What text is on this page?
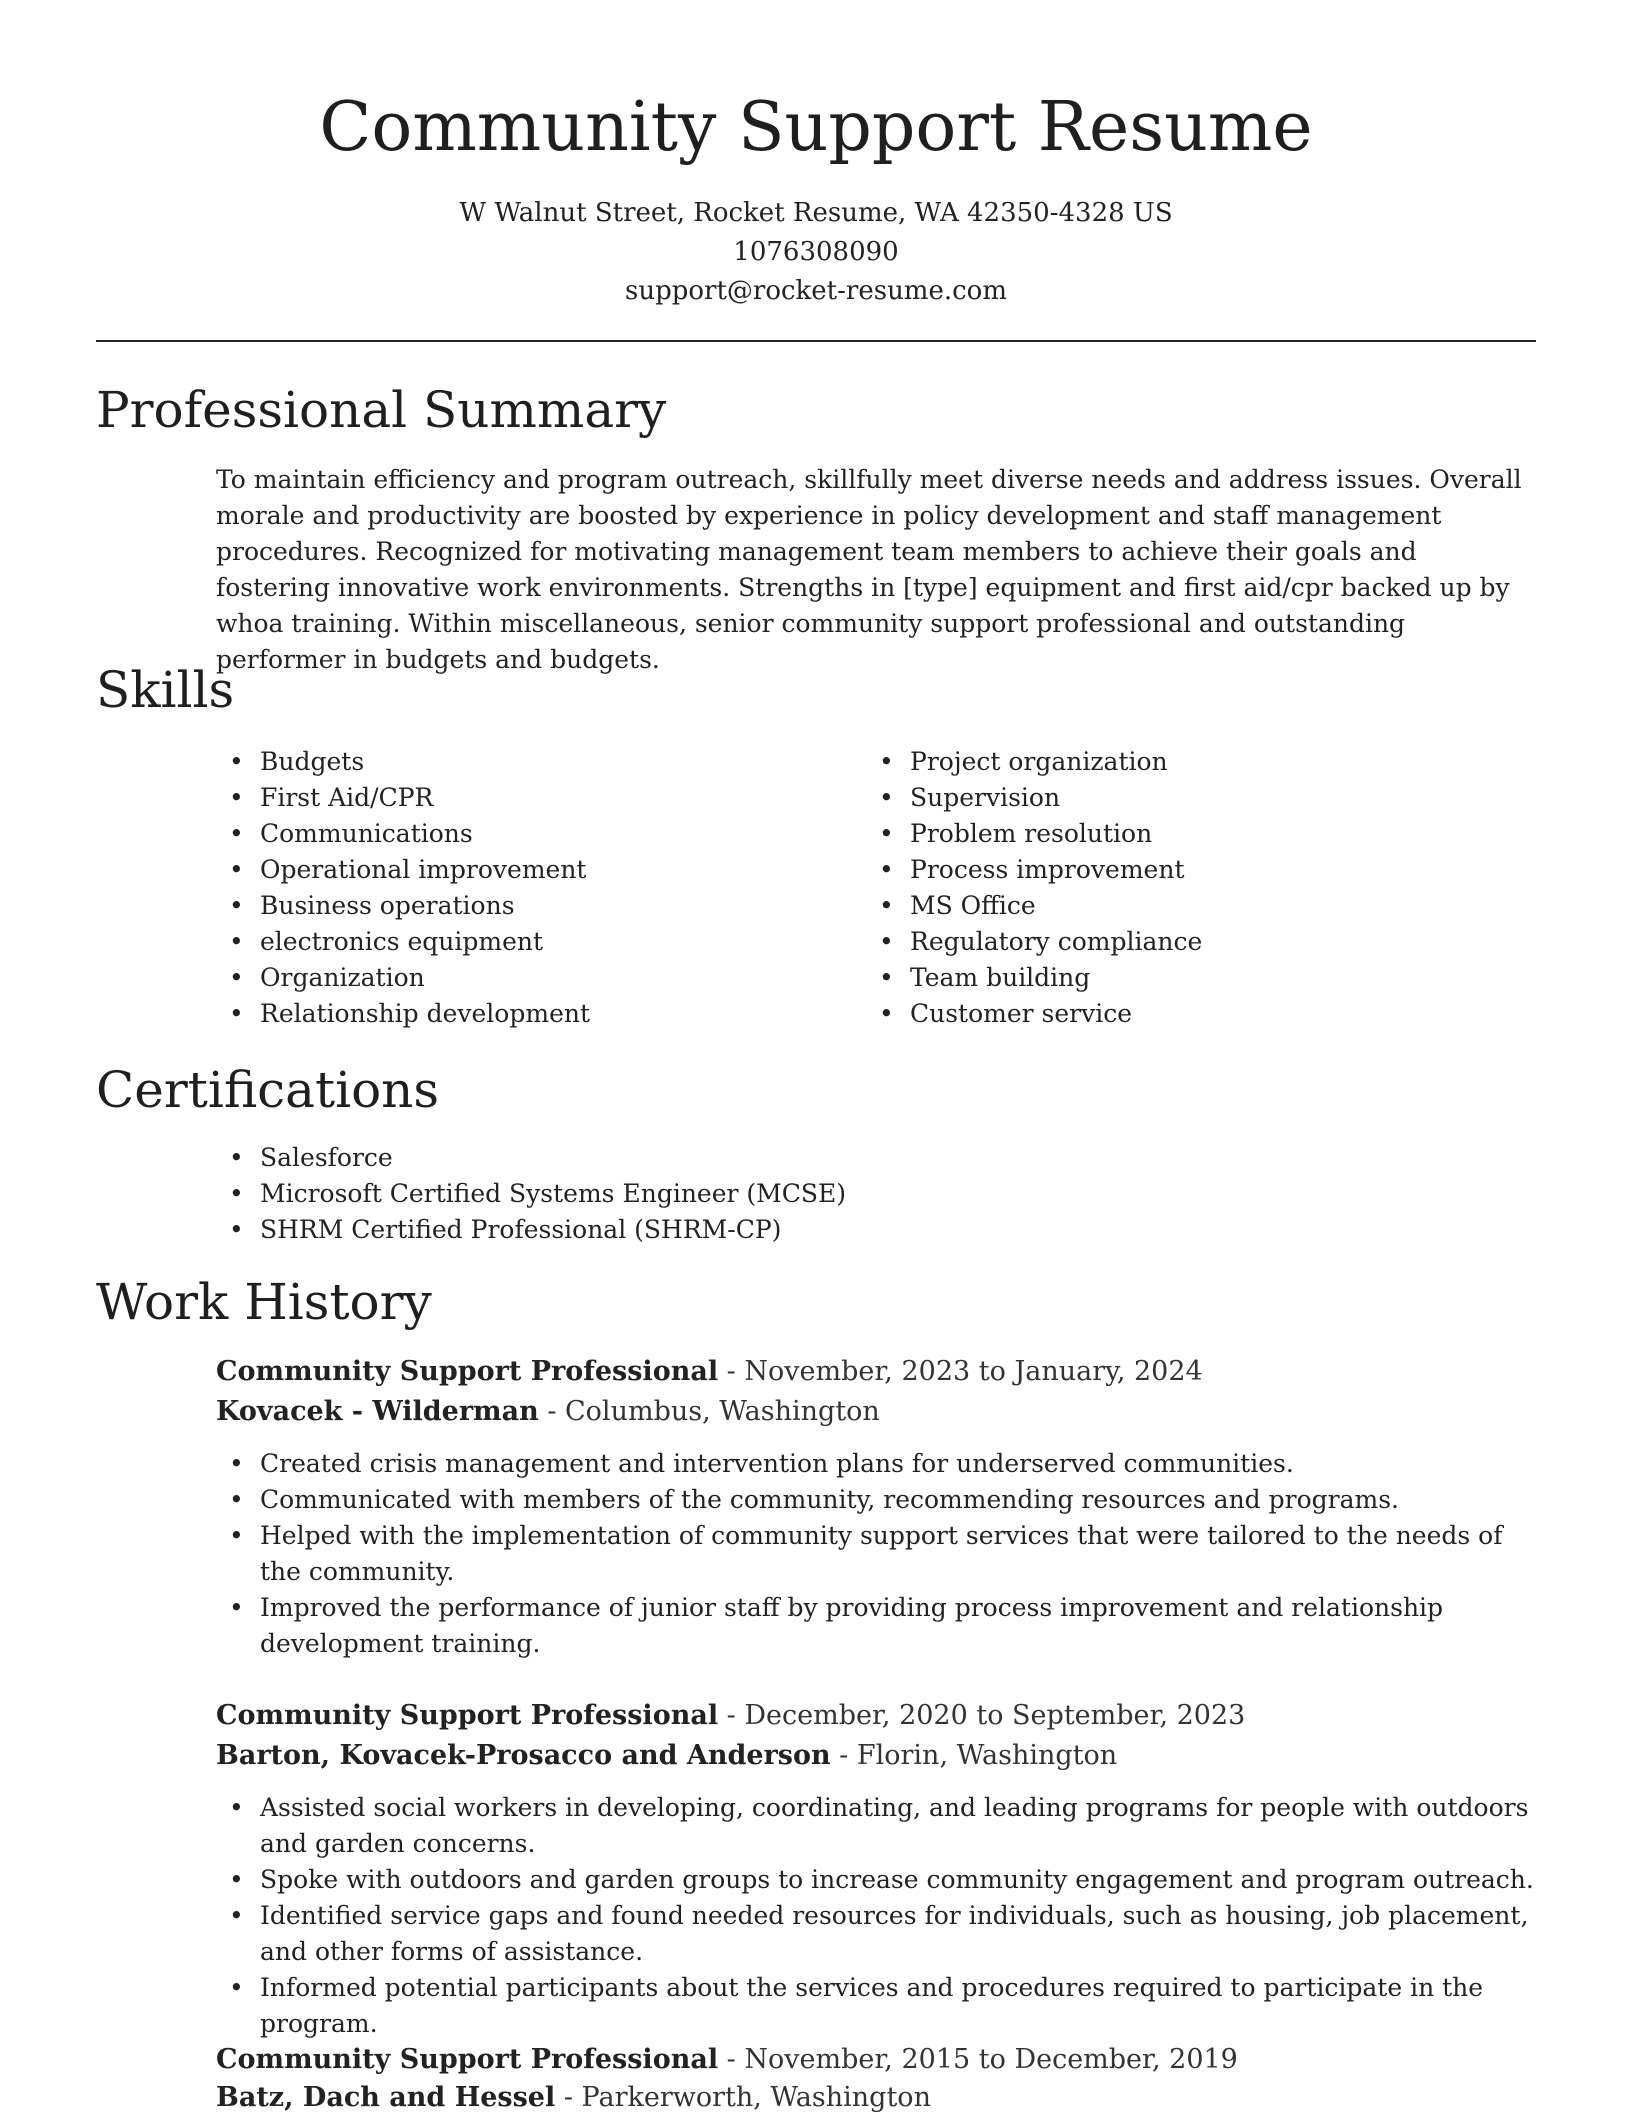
Community Support Resume

W Walnut Street, Rocket Resume, WA 42350-4328 US

1076308090

support@rocket-resume.com

Professional Summary

To maintain efficiency and program outreach, skillfully meet diverse needs and address issues. Overall morale and productivity are boosted by experience in policy development and staff management procedures. Recognized for motivating management team members to achieve their goals and fostering innovative work environments. Strengths in [type] equipment and first aid/cpr backed up by whoa training. Within miscellaneous, senior community support professional and outstanding performer in budgets and budgets.

Skills
• Budgets
• First Aid/CPR
• Communications
• Operational improvement
• Business operations
• electronics equipment
• Organization
• Relationship development
• Project organization
• Supervision
• Problem resolution
• Process improvement
• MS Office
• Regulatory compliance
• Team building
• Customer service
Certifications
• Salesforce
• Microsoft Certified Systems Engineer (MCSE)
• SHRM Certified Professional (SHRM-CP)
Work History
Community Support Professional - November, 2023 to January, 2024
Kovacek - Wilderman - Columbus, Washington
• Created crisis management and intervention plans for underserved communities.
• Communicated with members of the community, recommending resources and programs.
• Helped with the implementation of community support services that were tailored to the needs of the community.
• Improved the performance of junior staff by providing process improvement and relationship development training.
Community Support Professional - December, 2020 to September, 2023
Barton, Kovacek-Prosacco and Anderson - Florin, Washington
• Assisted social workers in developing, coordinating, and leading programs for people with outdoors and garden concerns.
• Spoke with outdoors and garden groups to increase community engagement and program outreach.
• Identified service gaps and found needed resources for individuals, such as housing, job placement, and other forms of assistance.
• Informed potential participants about the services and procedures required to participate in the program.
Community Support Professional - November, 2015 to December, 2019
Batz, Dach and Hessel - Parkerworth, Washington
